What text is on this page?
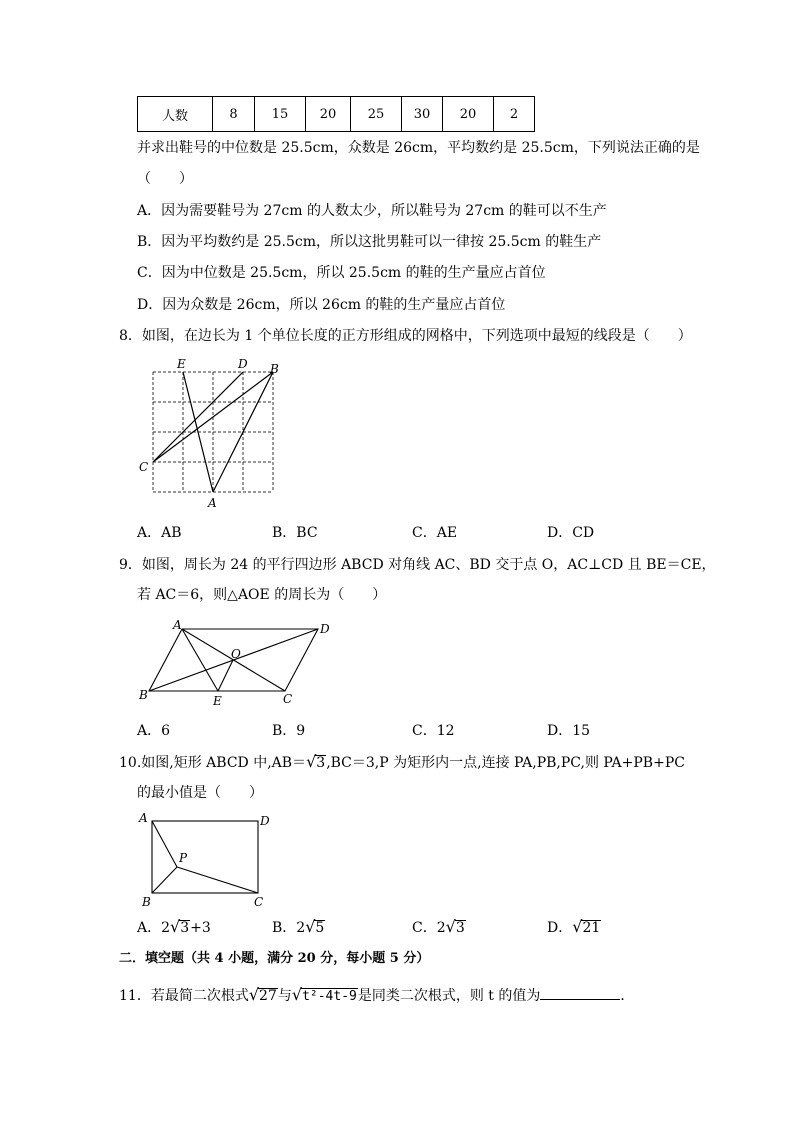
人数	8	15	20	25	30	20	2
并求出鞋号的中位数是 25.5cm，众数是 26cm，平均数约是 25.5cm，下列说法正确的是
（　　）
A．因为需要鞋号为 27cm 的人数太少，所以鞋号为 27cm 的鞋可以不生产
B．因为平均数约是 25.5cm，所以这批男鞋可以一律按 25.5cm 的鞋生产
C．因为中位数是 25.5cm，所以 25.5cm 的鞋的生产量应占首位
D．因为众数是 26cm，所以 26cm 的鞋的生产量应占首位
8．如图，在边长为 1 个单位长度的正方形组成的网格中，下列选项中最短的线段是（　　）
E	D B
C
A
A．AB	B．BC	C．AE	D．CD
9．如图，周长为 24 的平行四边形 ABCD 对角线 AC、BD 交于点 O，AC⊥CD 且 BE＝CE，
若 AC＝6，则△AOE 的周长为（　　）
A	D
O
B	E	C
A．6	B．9	C．12	D．15
10.如图,矩形 ABCD 中,AB＝√3,BC＝3,P 为矩形内一点,连接 PA,PB,PC,则 PA+PB+PC
的最小值是（　　）
A	D
P
B	C
A．2√3+3	B．2√5	C．2√3	D．√21
二．填空题（共 4 小题，满分 20 分，每小题 5 分）
11．若最简二次根式√27与√t²-4t-9是同类二次根式，则 t 的值为	．
